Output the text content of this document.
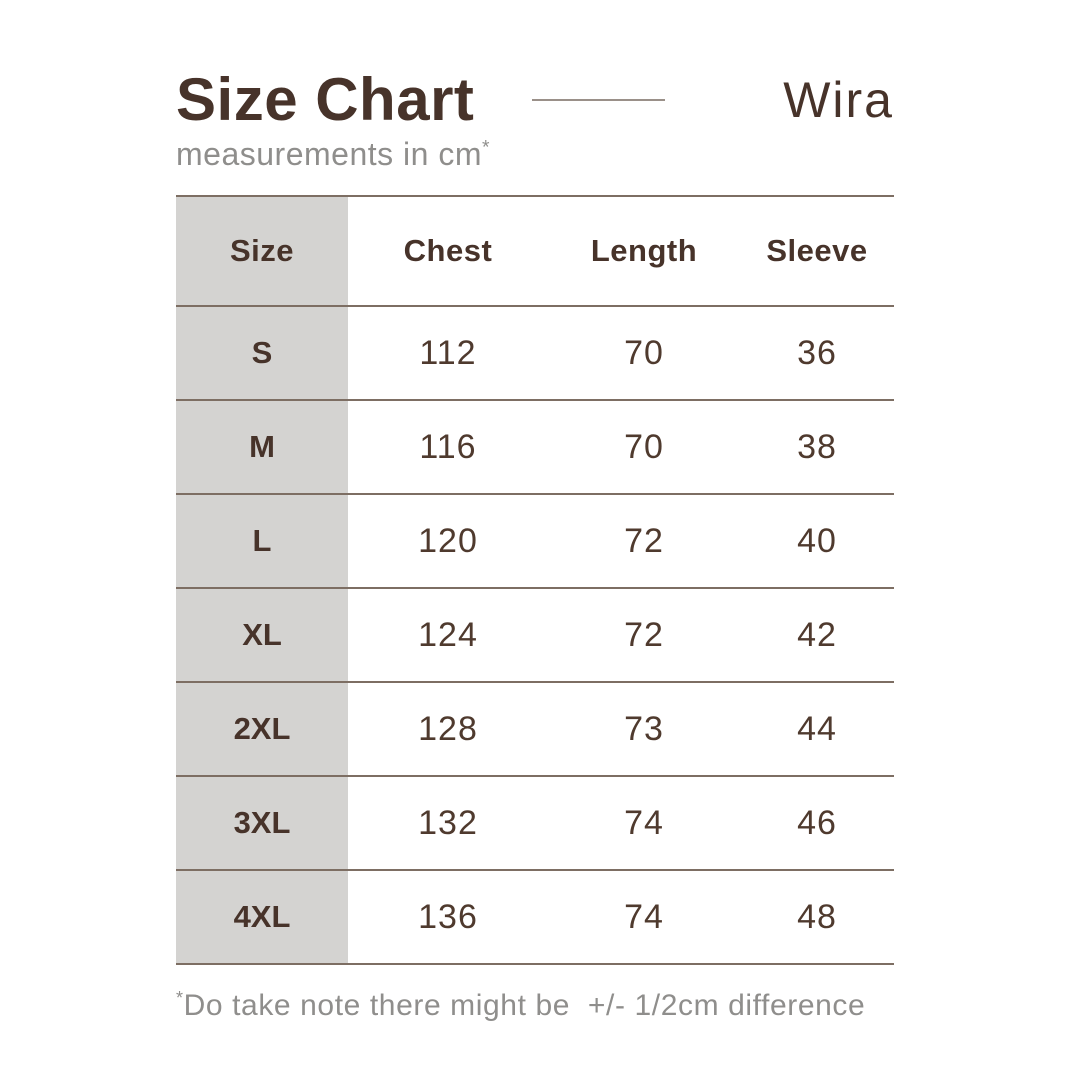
Size Chart	Wira
measurements in cm*
Size	Chest	Length	Sleeve
S	112	70	36
M	116	70	38
L	120	72	40
XL	124	72	42
2XL	128	73	44
3XL	132	74	46
4XL	136	74	48
*Do take note there might be  +/- 1/2cm difference
